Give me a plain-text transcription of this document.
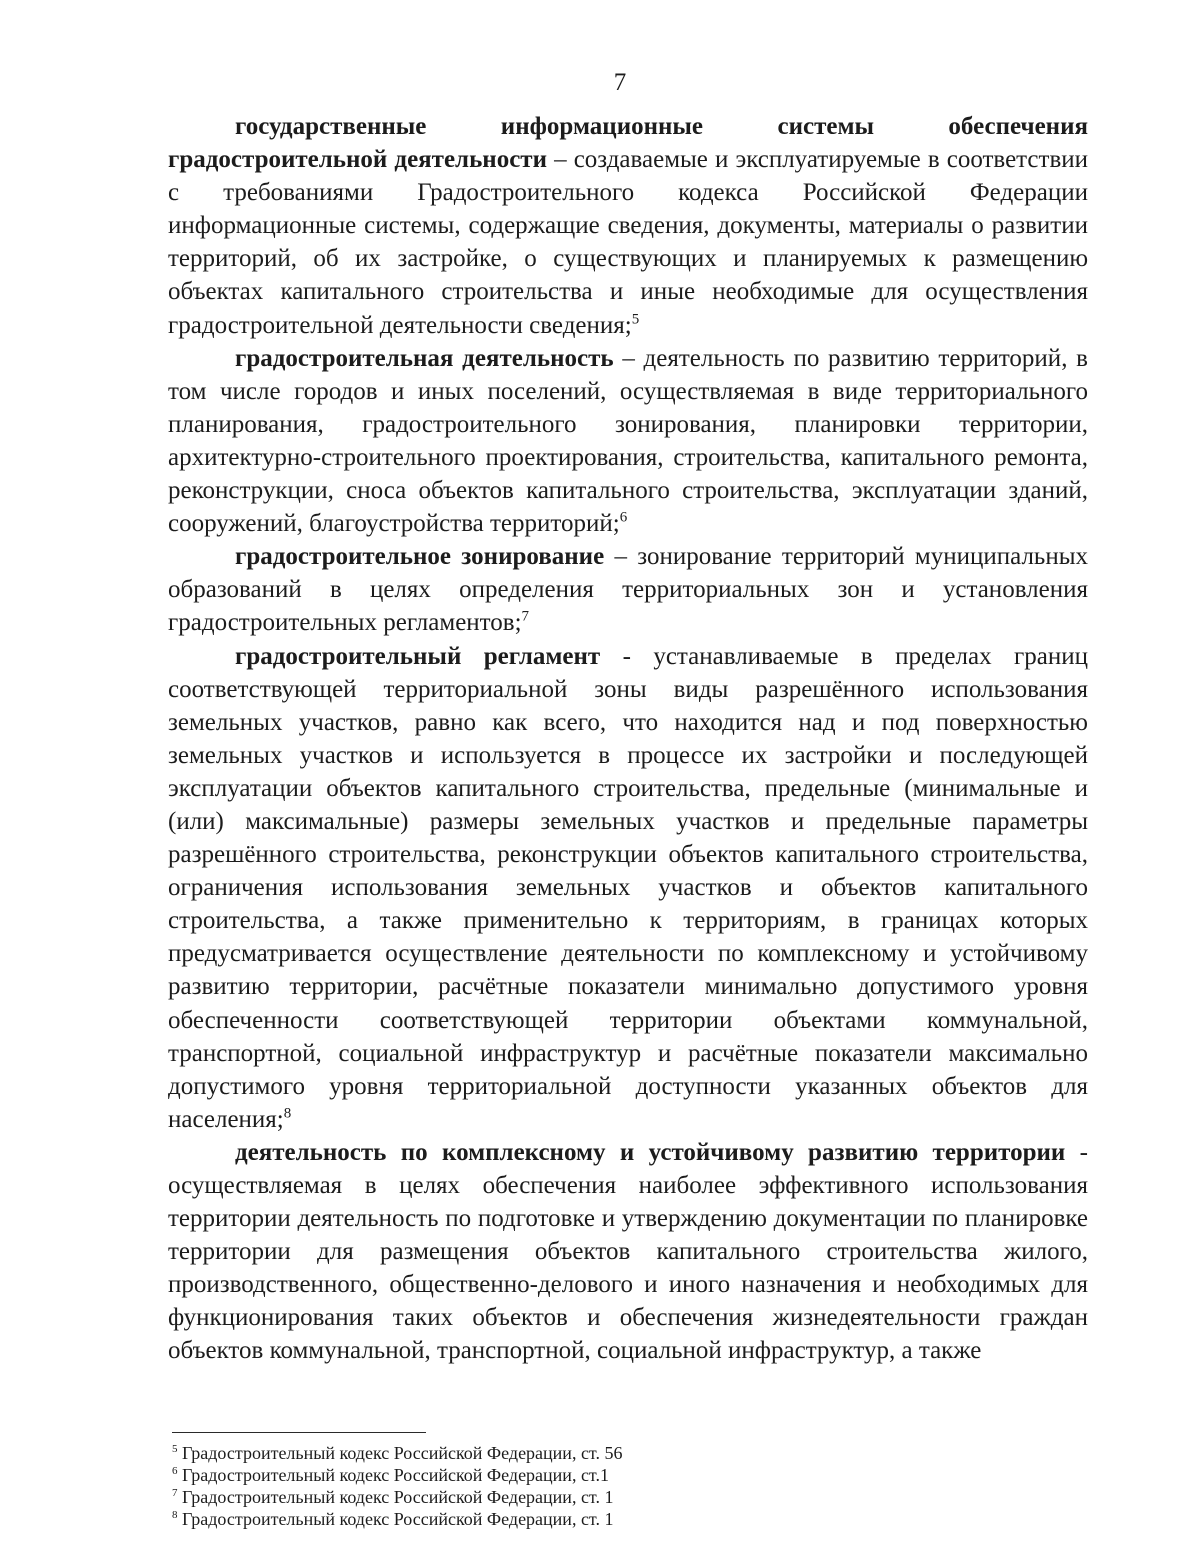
7

государственные информационные системы обеспечения градостроительной деятельности – создаваемые и эксплуатируемые в соответствии с требованиями Градостроительного кодекса Российской Федерации информационные системы, содержащие сведения, документы, материалы о развитии территорий, об их застройке, о существующих и планируемых к размещению объектах капитального строительства и иные необходимые для осуществления градостроительной деятельности сведения;$^5$

градостроительная деятельность – деятельность по развитию территорий, в том числе городов и иных поселений, осуществляемая в виде территориального планирования, градостроительного зонирования, планировки территории, архитектурно-строительного проектирования, строительства, капитального ремонта, реконструкции, сноса объектов капитального строительства, эксплуатации зданий, сооружений, благоустройства территорий;$^6$

градостроительное зонирование – зонирование территорий муниципальных образований в целях определения территориальных зон и установления градостроительных регламентов;$^7$

градостроительный регламент - устанавливаемые в пределах границ соответствующей территориальной зоны виды разрешённого использования земельных участков, равно как всего, что находится над и под поверхностью земельных участков и используется в процессе их застройки и последующей эксплуатации объектов капитального строительства, предельные (минимальные и (или) максимальные) размеры земельных участков и предельные параметры разрешённого строительства, реконструкции объектов капитального строительства, ограничения использования земельных участков и объектов капитального строительства, а также применительно к территориям, в границах которых предусматривается осуществление деятельности по комплексному и устойчивому развитию территории, расчётные показатели минимально допустимого уровня обеспеченности соответствующей территории объектами коммунальной, транспортной, социальной инфраструктур и расчётные показатели максимально допустимого уровня территориальной доступности указанных объектов для населения;$^8$

деятельность по комплексному и устойчивому развитию территории - осуществляемая в целях обеспечения наиболее эффективного использования территории деятельность по подготовке и утверждению документации по планировке территории для размещения объектов капитального строительства жилого, производственного, общественно-делового и иного назначения и необходимых для функционирования таких объектов и обеспечения жизнедеятельности граждан объектов коммунальной, транспортной, социальной инфраструктур, а также

$^5$ Градостроительный кодекс Российской Федерации, ст. 56
$^6$ Градостроительный кодекс Российской Федерации, ст.1
$^7$ Градостроительный кодекс Российской Федерации, ст. 1
$^8$ Градостроительный кодекс Российской Федерации, ст. 1
